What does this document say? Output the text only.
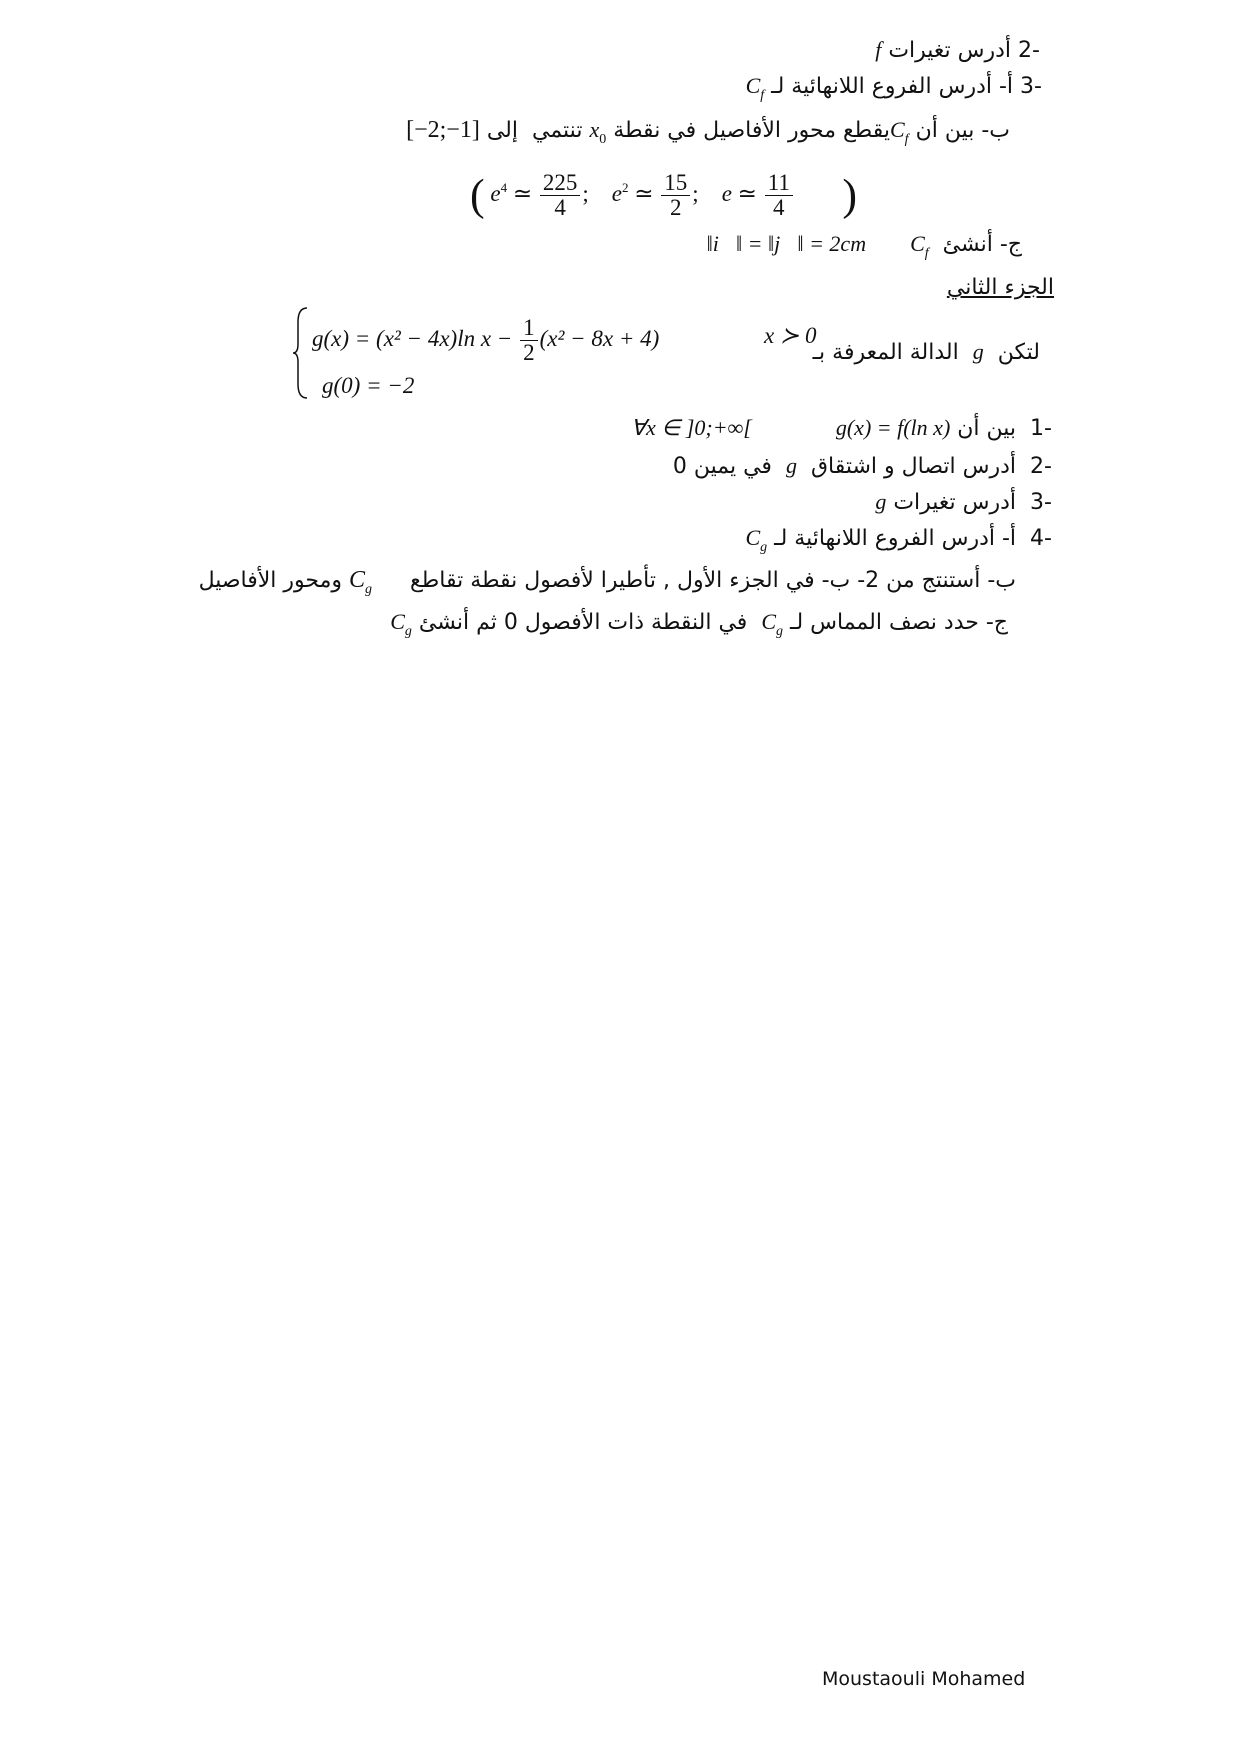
-2 أدرس تغيرات f
-3 أ- أدرس الفروع اللانهائية لـ $C_f$
ب- بين أن $C_fيقطع$ محور الأفاصيل في نقطة $x_0$ تنتمي  إلى [−2;−1]
( $e^4$ ≃ $\frac{225}{4}$ ; $e^2$ ≃ $\frac{15}{2}$ ; e ≃ $\frac{11}{4}$ )
ج- أنشئ  $C_f$  ‖i⃗‖ = ‖j⃗‖ = 2cm
الجزء الثاني
g(x) = (x² − 4x)ln $x - \frac{1}{2} (x^2 - 8x + 4)$	x ≻ 0
g(0) = −2
لتكن  g  الدالة المعرفة بـ
-1  بين أن g(x) = f(ln x)  ∀x ∈ ]0;+∞[
-2  أدرس اتصال و اشتقاق  g  في يمين 0
-3  أدرس تغيرات g
-4  أ- أدرس الفروع اللانهائية لـ $C_g$
ب- أستنتج من 2- ب- في الجزء الأول , تأطيرا لأفصول نقطة تقاطع  $C_g$ ومحور الأفاصيل
ج- حدد نصف المماس لـ $C_g$  في النقطة ذات الأفصول 0 ثم أنشئ $C_g$
Moustaouli Mohamed
